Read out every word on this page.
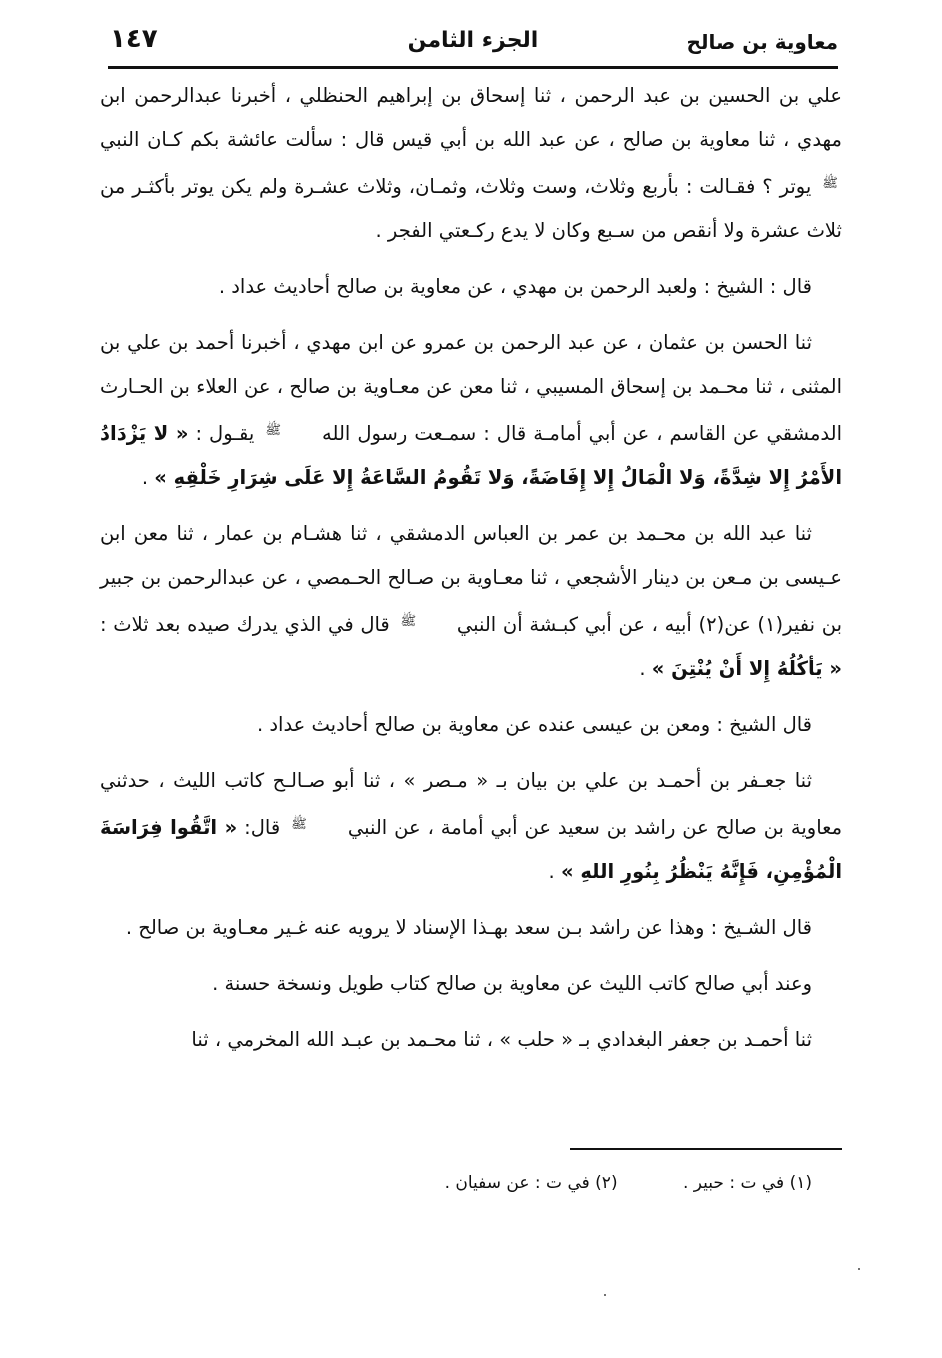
١٤٧	الجزء الثامن	معاوية بن صالح

علي بن الحسين بن عبد الرحمن ، ثنا إسحاق بن إبراهيم الحنظلي ، أخبرنا عبدالرحمن ابن مهدي ، ثنا معاوية بن صالح ، عن عبد الله بن أبي قيس قال : سألت عائشة بكم كـان النبي ﷺ يوتر ؟ فقـالت : بأربع وثلاث، وست وثلاث، وثمـان، وثلاث عشـرة ولم يكن يوتر بأكثـر من ثلاث عشرة ولا أنقص من سـبع وكان لا يدع ركـعتي الفجر .

قال : الشيخ : ولعبد الرحمن بن مهدي ، عن معاوية بن صالح أحاديث عداد .

ثنا الحسن بن عثمان ، عن عبد الرحمن بن عمرو عن ابن مهدي ، أخبرنا أحمد بن علي بن المثنى ، ثنا محـمد بن إسحاق المسيبي ، ثنا معن عن معـاوية بن صالح ، عن العلاء بن الحـارث الدمشقي عن القاسم ، عن أبي أمامـة قال : سمـعت رسول الله ﷺ يقـول : « لا يَزْدَادُ الأَمْرُ إِلا شِدَّةً، وَلا الْمَالُ إِلا إِفَاضَةً، وَلا تَقُومُ السَّاعَةُ إِلا عَلَى شِرَارِ خَلْقِهِ » .

ثنا عبد الله بن محـمد بن عمر بن العباس الدمشقي ، ثنا هشـام بن عمار ، ثنا معن ابن عـيسى بن مـعن بن دينار الأشجعي ، ثنا معـاوية بن صـالح الحـمصي ، عن عبدالرحمن بن جبير بن نفير(١) عن(٢) أبيه ، عن أبي كبـشة أن النبي ﷺ قال في الذي يدرك صيده بعد ثلاث : « يَأكُلُهُ إِلا أَنْ يُنْتِنَ » .

قال الشيخ : ومعن بن عيسى عنده عن معاوية بن صالح أحاديث عداد .

ثنا جعـفر بن أحمـد بن علي بن بيان بـ « مـصر » ، ثنا أبو صـالـح كاتب الليث ، حدثني معاوية بن صالح عن راشد بن سعيد عن أبي أمامة ، عن النبي ﷺ قال: « اتَّقُوا فِرَاسَةَ الْمُؤْمِنِ، فَإِنَّهُ يَنْظُرُ بِنُورِ اللهِ » .

قال الشـيخ : وهذا عن راشد بـن سعد بهـذا الإسناد لا يرويه عنه غـير معـاوية بن صالح .

وعند أبي صالح كاتب الليث عن معاوية بن صالح كتاب طويل ونسخة حسنة .

ثنا أحمـد بن جعفر البغدادي بـ « حلب » ، ثنا محـمد بن عبـد الله المخرمي ، ثنا

(١) في ت : حبير . (٢) في ت : عن سفيان .
